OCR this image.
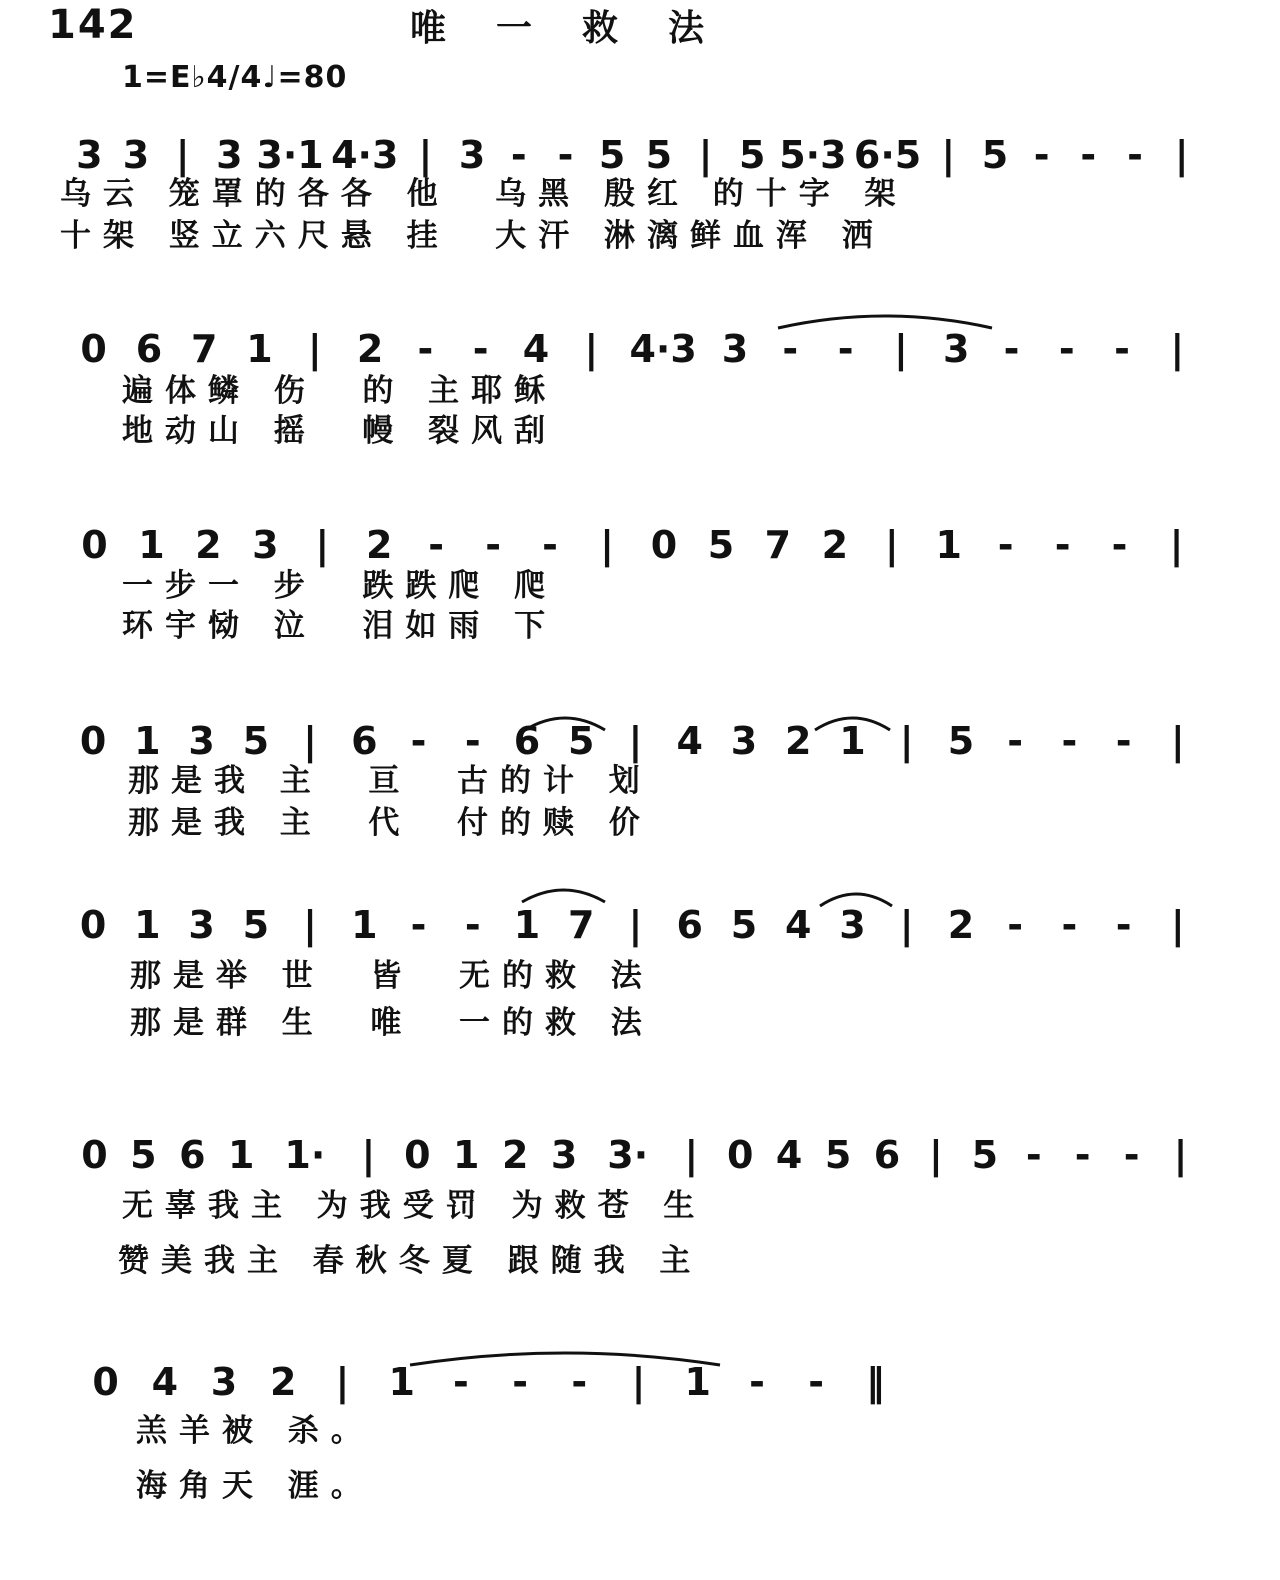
142	唯一救法
1=E♭4/4♩=80
3 3 | 3 3·1 4·3 | 3 - - 5 5 | 5 5·3 6·5 | 5 - - - |
0 6 7 1 | 2 - - 4 | 4·3 3 - - | 3 - - - |
0 1 2 3 | 2 - - - | 0 5 7 2 | 1 - - - |
0 1 3 5 | 6 - - 6 5 | 4 3 2 1 | 5 - - - |
0 1 3 5 | 1 - - 1 7 | 6 5 4 3 | 2 - - - |
0 5 6 1 1· | 0 1 2 3 3· | 0 4 5 6 | 5 - - - |
0 4 3 2 | 1 - - - | 1 - - ‖
乌云 笼罩的各各 他  乌黑 殷红 的十字 架
十架 竖立六尺悬 挂  大汗 淋漓鲜血浑 洒
遍体鳞 伤  的 主耶稣
地动山 摇  幔 裂风刮
一步一 步  跌跌爬 爬
环宇恸 泣  泪如雨 下
那是我 主  亘  古的计 划
那是我 主  代  付的赎 价
那是举 世  皆  无的救 法
那是群 生  唯  一的救 法
无辜我主 为我受罚 为救苍 生
赞美我主 春秋冬夏 跟随我 主
羔羊被 杀。
海角天 涯。
